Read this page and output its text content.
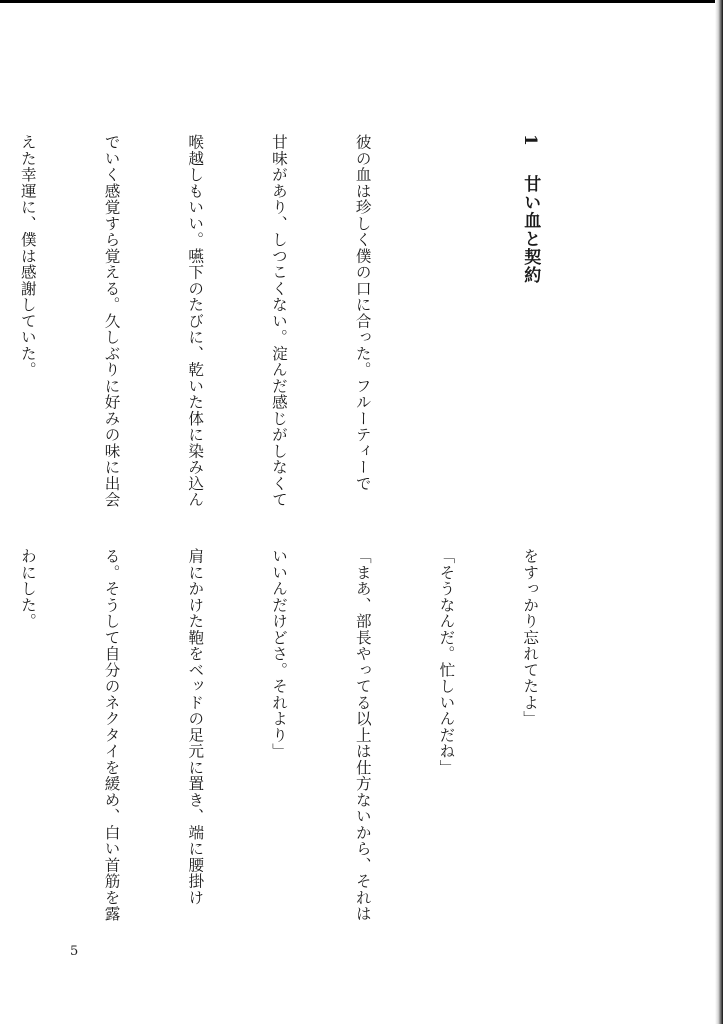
1　甘い血と契約

彼の血は珍しく僕の口に合った。フルーティーで

甘味があり、しつこくない。淀んだ感じがしなくて

喉越しもいい。嚥下のたびに、乾いた体に染み込ん

でいく感覚すら覚える。久しぶりに好みの味に出会

えた幸運に、僕は感謝していた。

をすっかり忘れてたよ」

「そうなんだ。忙しいんだね」

「まあ、部長やってる以上は仕方ないから、それは

いいんだけどさ。それより」

肩にかけた鞄をベッドの足元に置き、端に腰掛け

る。そうして自分のネクタイを緩め、白い首筋を露

わにした。

5
